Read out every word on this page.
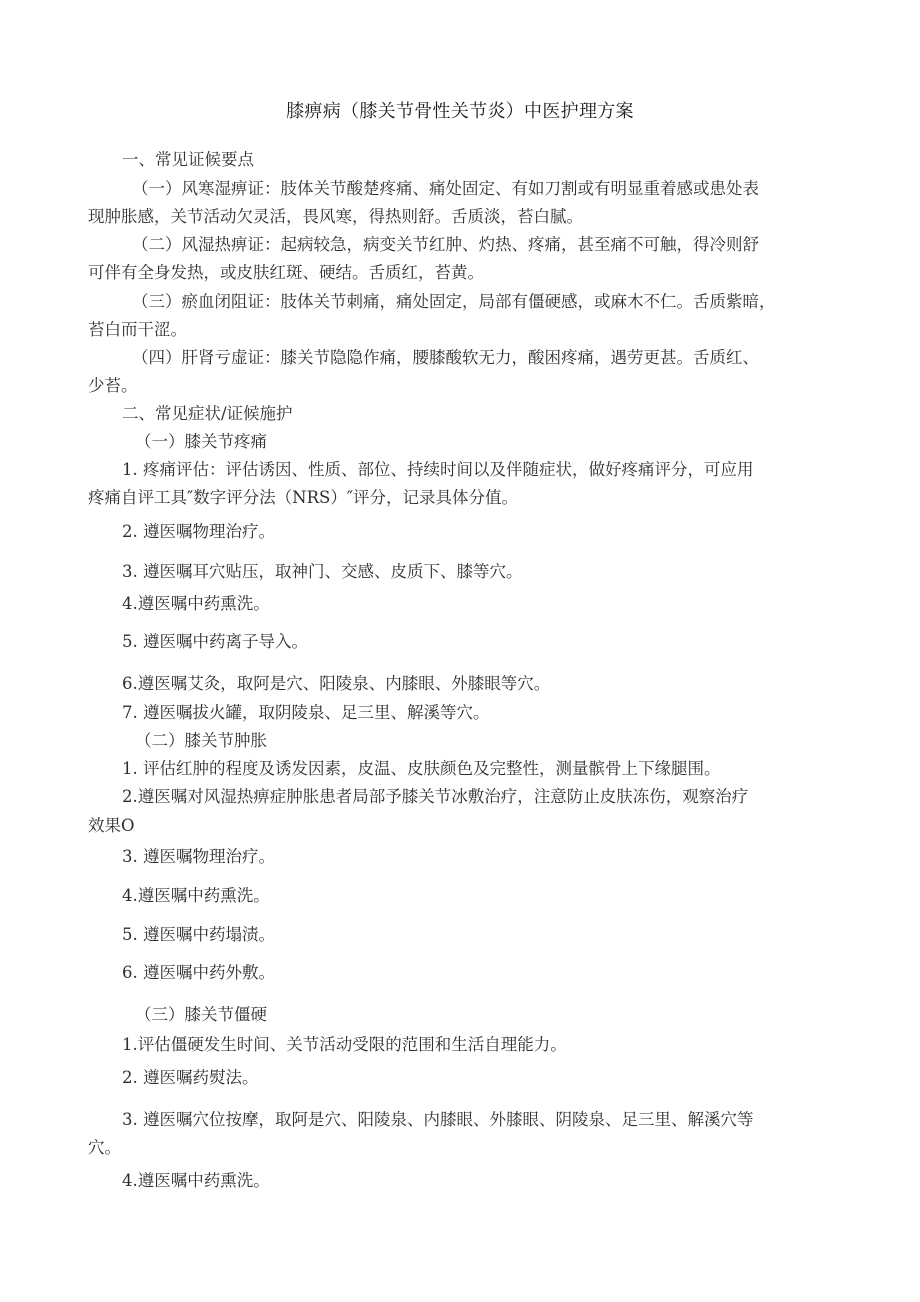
膝痹病（膝关节骨性关节炎）中医护理方案
一、常见证候要点
（一）风寒湿痹证：肢体关节酸楚疼痛、痛处固定、有如刀割或有明显重着感或患处表
现肿胀感，关节活动欠灵活，畏风寒，得热则舒。舌质淡，苔白腻。
（二）风湿热痹证：起病较急，病变关节红肿、灼热、疼痛，甚至痛不可触，得冷则舒
可伴有全身发热，或皮肤红斑、硬结。舌质红，苔黄。
（三）瘀血闭阻证：肢体关节刺痛，痛处固定，局部有僵硬感，或麻木不仁。舌质紫暗，
苔白而干涩。
（四）肝肾亏虚证：膝关节隐隐作痛，腰膝酸软无力，酸困疼痛，遇劳更甚。舌质红、
少苔。
二、常见症状/证候施护
（一）膝关节疼痛
1. 疼痛评估：评估诱因、性质、部位、持续时间以及伴随症状，做好疼痛评分，可应用
疼痛自评工具″数字评分法（NRS）″评分，记录具体分值。
2. 遵医嘱物理治疗。
3. 遵医嘱耳穴贴压，取神门、交感、皮质下、膝等穴。
4.遵医嘱中药熏洗。
5. 遵医嘱中药离子导入。
6.遵医嘱艾灸，取阿是穴、阳陵泉、内膝眼、外膝眼等穴。
7. 遵医嘱拔火罐，取阴陵泉、足三里、解溪等穴。
（二）膝关节肿胀
1. 评估红肿的程度及诱发因素，皮温、皮肤颜色及完整性，测量髌骨上下缘腿围。
2.遵医嘱对风湿热痹症肿胀患者局部予膝关节冰敷治疗，注意防止皮肤冻伤，观察治疗
效果O
3. 遵医嘱物理治疗。
4.遵医嘱中药熏洗。
5. 遵医嘱中药塌渍。
6. 遵医嘱中药外敷。
（三）膝关节僵硬
1.评估僵硬发生时间、关节活动受限的范围和生活自理能力。
2. 遵医嘱药熨法。
3. 遵医嘱穴位按摩，取阿是穴、阳陵泉、内膝眼、外膝眼、阴陵泉、足三里、解溪穴等
穴。
4.遵医嘱中药熏洗。
